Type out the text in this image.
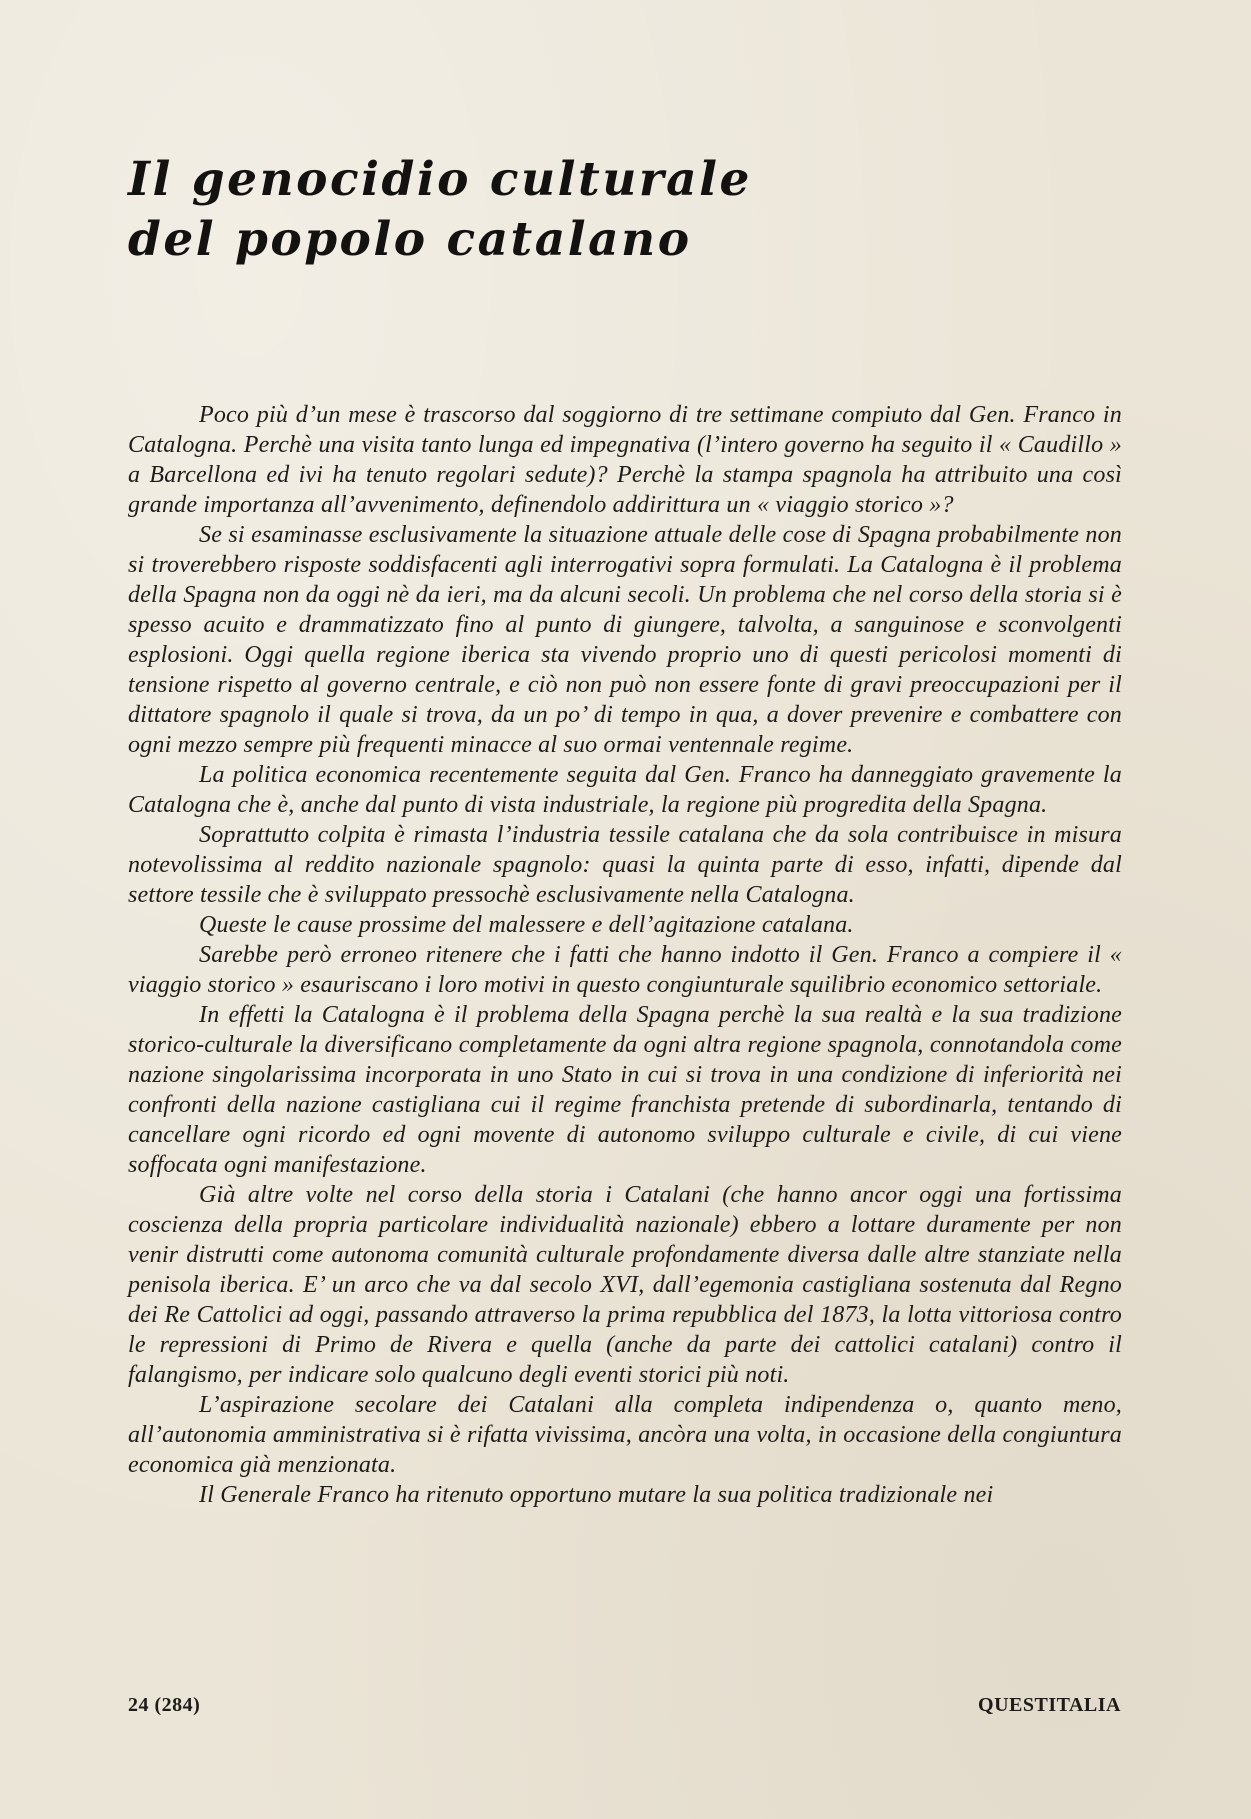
Il genocidio culturale
del popolo catalano

Poco più d’un mese è trascorso dal soggiorno di tre settimane compiuto dal Gen. Franco in Catalogna. Perchè una visita tanto lunga ed impegnativa (l’intero governo ha seguito il « Caudillo » a Barcellona ed ivi ha tenuto regolari sedute)? Perchè la stampa spagnola ha attribuito una così grande importanza all’avvenimento, definendolo addirittura un « viaggio storico »?

Se si esaminasse esclusivamente la situazione attuale delle cose di Spagna probabilmente non si troverebbero risposte soddisfacenti agli interrogativi sopra formulati. La Catalogna è il problema della Spagna non da oggi nè da ieri, ma da alcuni secoli. Un problema che nel corso della storia si è spesso acuito e drammatizzato fino al punto di giungere, talvolta, a sanguinose e sconvolgenti esplosioni. Oggi quella regione iberica sta vivendo proprio uno di questi pericolosi momenti di tensione rispetto al governo centrale, e ciò non può non essere fonte di gravi preoccupazioni per il dittatore spagnolo il quale si trova, da un po’ di tempo in qua, a dover prevenire e combattere con ogni mezzo sempre più frequenti minacce al suo ormai ventennale regime.

La politica economica recentemente seguita dal Gen. Franco ha danneggiato gravemente la Catalogna che è, anche dal punto di vista industriale, la regione più progredita della Spagna.

Soprattutto colpita è rimasta l’industria tessile catalana che da sola contribuisce in misura notevolissima al reddito nazionale spagnolo: quasi la quinta parte di esso, infatti, dipende dal settore tessile che è sviluppato pressochè esclusivamente nella Catalogna.

Queste le cause prossime del malessere e dell’agitazione catalana.

Sarebbe però erroneo ritenere che i fatti che hanno indotto il Gen. Franco a compiere il « viaggio storico » esauriscano i loro motivi in questo congiunturale squilibrio economico settoriale.

In effetti la Catalogna è il problema della Spagna perchè la sua realtà e la sua tradizione storico-culturale la diversificano completamente da ogni altra regione spagnola, connotandola come nazione singolarissima incorporata in uno Stato in cui si trova in una condizione di inferiorità nei confronti della nazione castigliana cui il regime franchista pretende di subordinarla, tentando di cancellare ogni ricordo ed ogni movente di autonomo sviluppo culturale e civile, di cui viene soffocata ogni manifestazione.

Già altre volte nel corso della storia i Catalani (che hanno ancor oggi una fortissima coscienza della propria particolare individualità nazionale) ebbero a lottare duramente per non venir distrutti come autonoma comunità culturale profondamente diversa dalle altre stanziate nella penisola iberica. E’ un arco che va dal secolo XVI, dall’egemonia castigliana sostenuta dal Regno dei Re Cattolici ad oggi, passando attraverso la prima repubblica del 1873, la lotta vittoriosa contro le repressioni di Primo de Rivera e quella (anche da parte dei cattolici catalani) contro il falangismo, per indicare solo qualcuno degli eventi storici più noti.

L’aspirazione secolare dei Catalani alla completa indipendenza o, quanto meno, all’autonomia amministrativa si è rifatta vivissima, ancòra una volta, in occasione della congiuntura economica già menzionata.

Il Generale Franco ha ritenuto opportuno mutare la sua politica tradizionale nei

24 (284)	QUESTITALIA
